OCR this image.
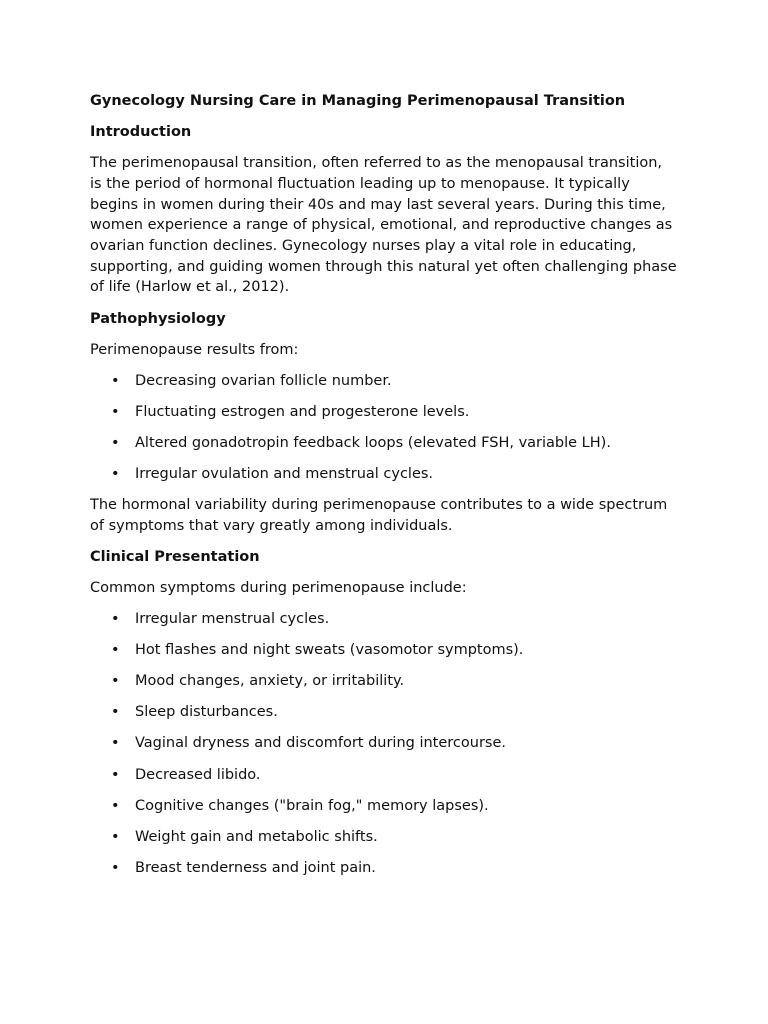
Gynecology Nursing Care in Managing Perimenopausal Transition
Introduction

The perimenopausal transition, often referred to as the menopausal transition, is the period of hormonal fluctuation leading up to menopause. It typically begins in women during their 40s and may last several years. During this time, women experience a range of physical, emotional, and reproductive changes as ovarian function declines. Gynecology nurses play a vital role in educating, supporting, and guiding women through this natural yet often challenging phase of life (Harlow et al., 2012).

Pathophysiology

Perimenopause results from:

• Decreasing ovarian follicle number.
• Fluctuating estrogen and progesterone levels.
• Altered gonadotropin feedback loops (elevated FSH, variable LH).
• Irregular ovulation and menstrual cycles.

The hormonal variability during perimenopause contributes to a wide spectrum of symptoms that vary greatly among individuals.

Clinical Presentation

Common symptoms during perimenopause include:

• Irregular menstrual cycles.
• Hot flashes and night sweats (vasomotor symptoms).
• Mood changes, anxiety, or irritability.
• Sleep disturbances.
• Vaginal dryness and discomfort during intercourse.
• Decreased libido.
• Cognitive changes ("brain fog," memory lapses).
• Weight gain and metabolic shifts.
• Breast tenderness and joint pain.
